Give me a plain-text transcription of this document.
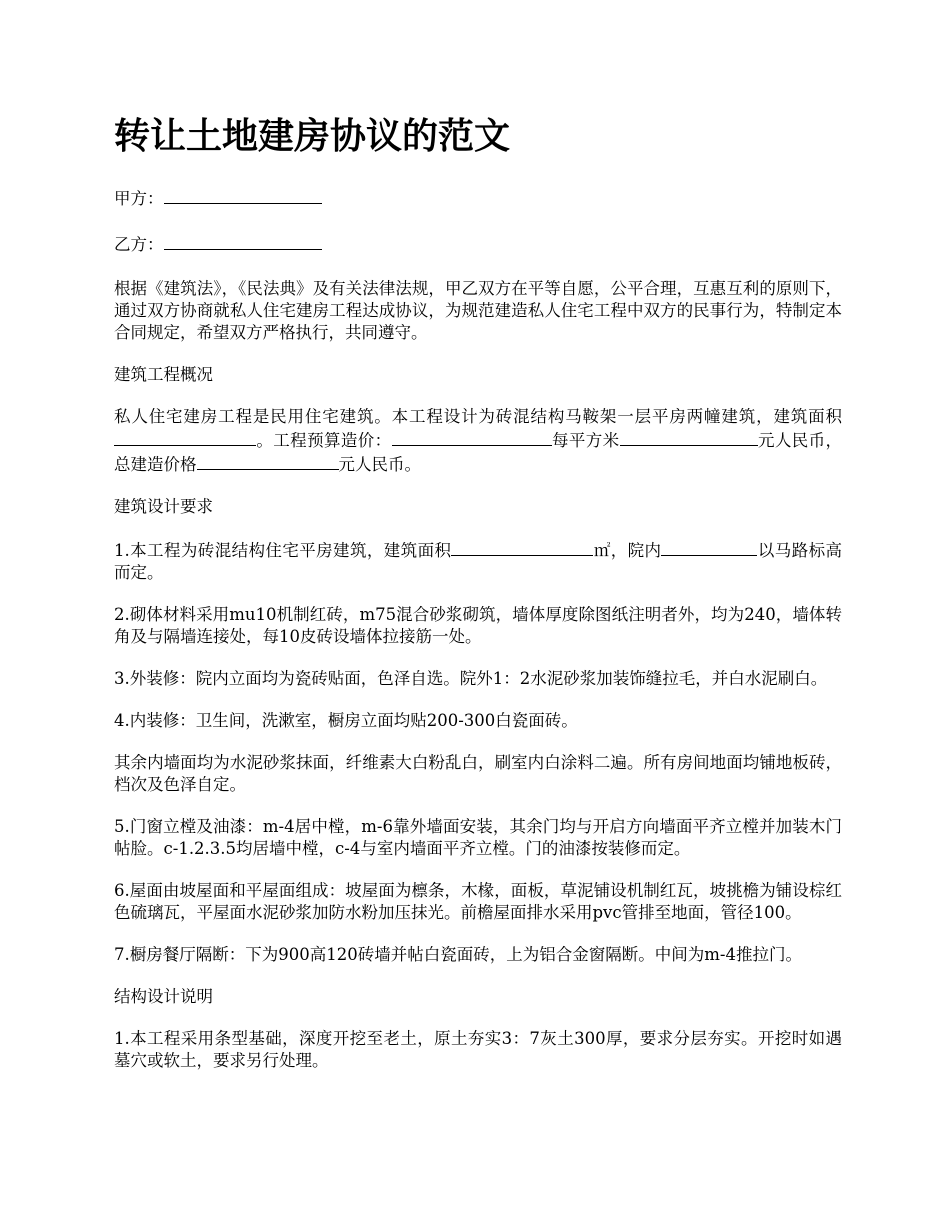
转让土地建房协议的范文

甲方：

乙方：

根据《建筑法》，《民法典》及有关法律法规，甲乙双方在平等自愿，公平合理，互惠互利的原则下，通过双方协商就私人住宅建房工程达成协议，为规范建造私人住宅工程中双方的民事行为，特制定本合同规定，希望双方严格执行，共同遵守。

建筑工程概况

私人住宅建房工程是民用住宅建筑。本工程设计为砖混结构马鞍架一层平房两幢建筑，建筑面积。工程预算造价：	每平方米	元人民币，总建造价格	元人民币。

建筑设计要求

1.本工程为砖混结构住宅平房建筑，建筑面积	㎡，院内	以马路标高而定。

2.砌体材料采用mu10机制红砖，m75混合砂浆砌筑，墙体厚度除图纸注明者外，均为240，墙体转角及与隔墙连接处，每10皮砖设墙体拉接筋一处。

3.外装修：院内立面均为瓷砖贴面，色泽自选。院外1：2水泥砂浆加装饰缝拉毛，并白水泥刷白。

4.内装修：卫生间，洗漱室，橱房立面均贴200-300白瓷面砖。

其余内墙面均为水泥砂浆抹面，纤维素大白粉乱白，刷室内白涂料二遍。所有房间地面均铺地板砖，档次及色泽自定。

5.门窗立樘及油漆：m-4居中樘，m-6靠外墙面安装，其余门均与开启方向墙面平齐立樘并加装木门帖脸。c-1.2.3.5均居墙中樘，c-4与室内墙面平齐立樘。门的油漆按装修而定。

6.屋面由坡屋面和平屋面组成：坡屋面为檩条，木椽，面板，草泥铺设机制红瓦，坡挑檐为铺设棕红色硫璃瓦，平屋面水泥砂浆加防水粉加压抹光。前檐屋面排水采用pvc管排至地面，管径100。

7.橱房餐厅隔断：下为900高120砖墙并帖白瓷面砖，上为铝合金窗隔断。中间为m-4推拉门。

结构设计说明

1.本工程采用条型基础，深度开挖至老土，原土夯实3：7灰土300厚，要求分层夯实。开挖时如遇墓穴或软土，要求另行处理。
